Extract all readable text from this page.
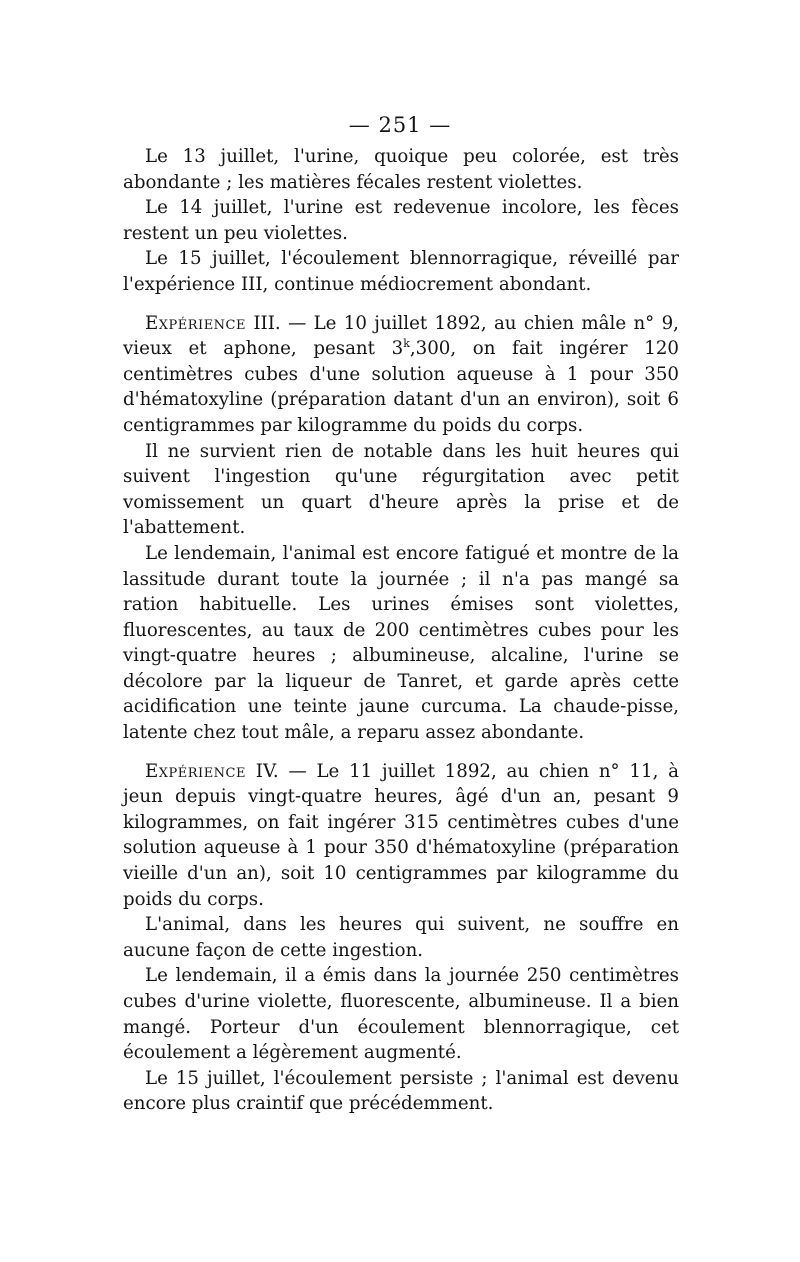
— 251 —

Le 13 juillet, l'urine, quoique peu colorée, est très abondante ; les matières fécales restent violettes.

Le 14 juillet, l'urine est redevenue incolore, les fèces restent un peu violettes.

Le 15 juillet, l'écoulement blennorragique, réveillé par l'expérience III, continue médiocrement abondant.

Expérience III. — Le 10 juillet 1892, au chien mâle n° 9, vieux et aphone, pesant 3$^k$,300, on fait ingérer 120 centimètres cubes d'une solution aqueuse à 1 pour 350 d'hématoxyline (préparation datant d'un an environ), soit 6 centigrammes par kilogramme du poids du corps.

Il ne survient rien de notable dans les huit heures qui suivent l'ingestion qu'une régurgitation avec petit vomissement un quart d'heure après la prise et de l'abattement.

Le lendemain, l'animal est encore fatigué et montre de la lassitude durant toute la journée ; il n'a pas mangé sa ration habituelle. Les urines émises sont violettes, fluorescentes, au taux de 200 centimètres cubes pour les vingt-quatre heures ; albumineuse, alcaline, l'urine se décolore par la liqueur de Tanret, et garde après cette acidification une teinte jaune curcuma. La chaude-pisse, latente chez tout mâle, a reparu assez abondante.

Expérience IV. — Le 11 juillet 1892, au chien n° 11, à jeun depuis vingt-quatre heures, âgé d'un an, pesant 9 kilogrammes, on fait ingérer 315 centimètres cubes d'une solution aqueuse à 1 pour 350 d'hématoxyline (préparation vieille d'un an), soit 10 centigrammes par kilogramme du poids du corps.

L'animal, dans les heures qui suivent, ne souffre en aucune façon de cette ingestion.

Le lendemain, il a émis dans la journée 250 centimètres cubes d'urine violette, fluorescente, albumineuse. Il a bien mangé. Porteur d'un écoulement blennorragique, cet écoulement a légèrement augmenté.

Le 15 juillet, l'écoulement persiste ; l'animal est devenu encore plus craintif que précédemment.
